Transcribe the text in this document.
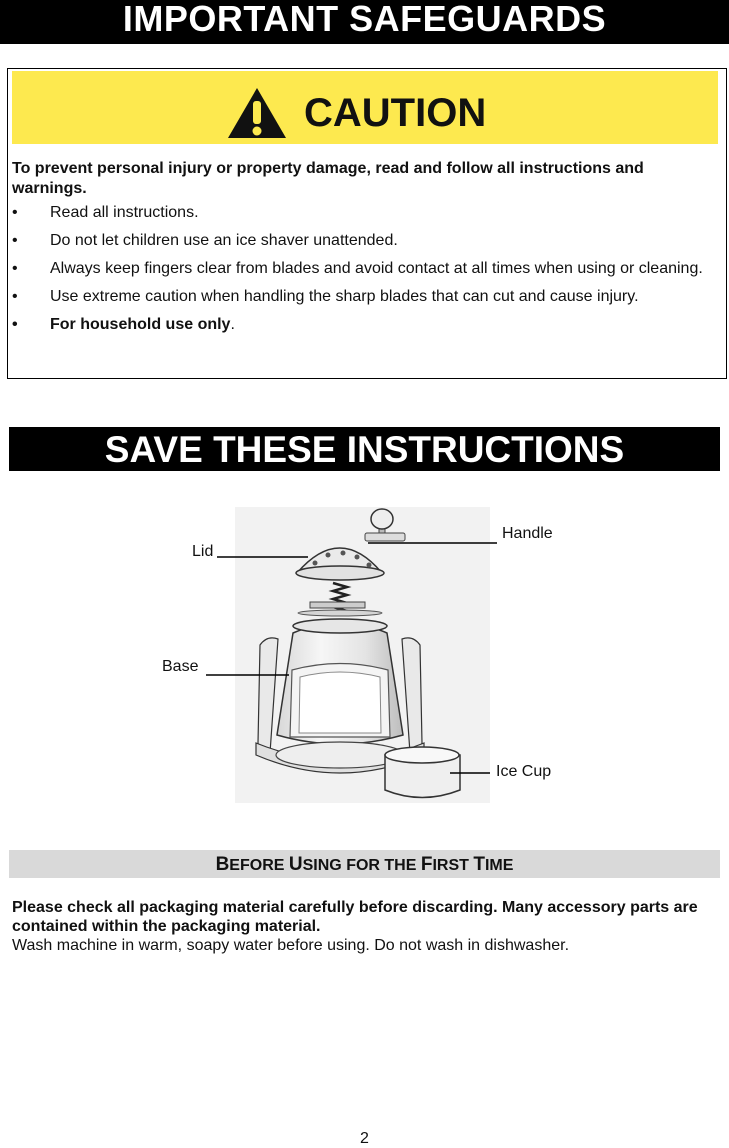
IMPORTANT SAFEGUARDS
CAUTION
To prevent personal injury or property damage, read and follow all instructions and warnings.
• Read all instructions.
• Do not let children use an ice shaver unattended.
• Always keep fingers clear from blades and avoid contact at all times when using or cleaning.
• Use extreme caution when handling the sharp blades that can cut and cause injury.
• For household use only.
SAVE THESE INSTRUCTIONS
Lid
Handle
Base
Ice Cup
BEFORE USING FOR THE FIRST TIME
Please check all packaging material carefully before discarding. Many accessory parts are contained within the packaging material.
Wash machine in warm, soapy water before using. Do not wash in dishwasher.
2
